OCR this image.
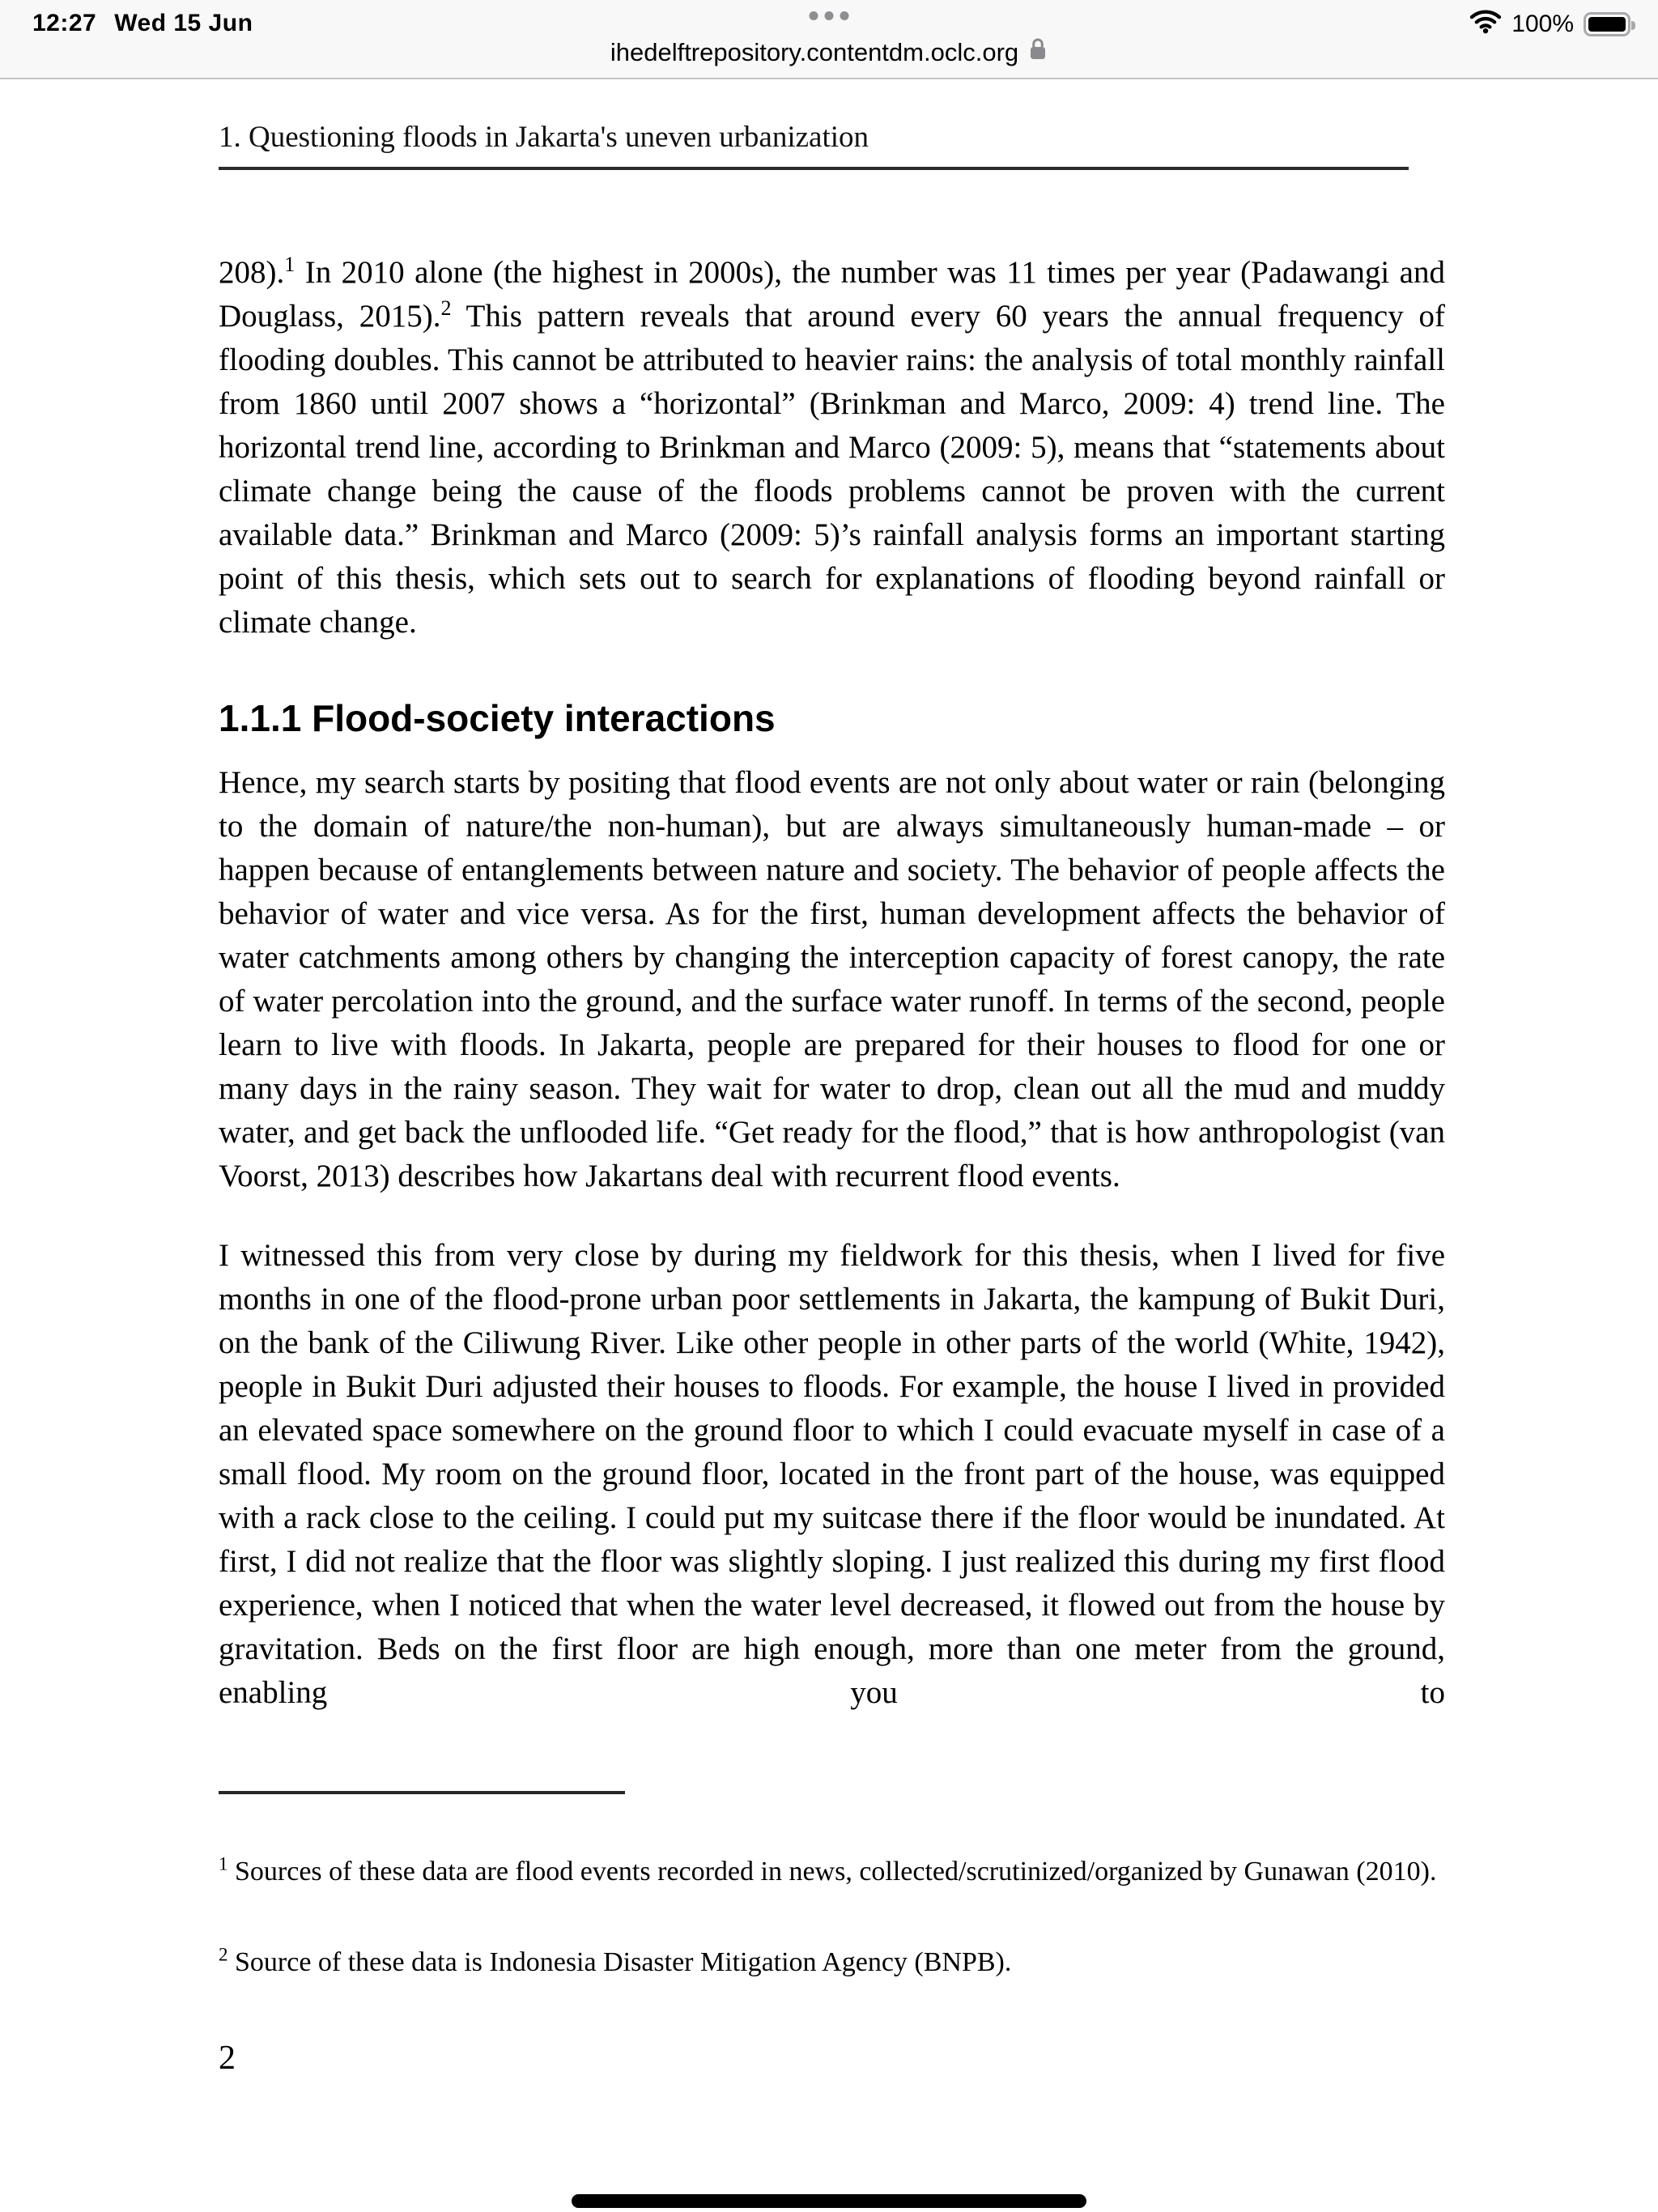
12:27 Wed 15 Jun	100%
ihedelftrepository.contentdm.oclc.org
1. Questioning floods in Jakarta's uneven urbanization

208).$^1$ In 2010 alone (the highest in 2000s), the number was 11 times per year (Padawangi and Douglass, 2015).$^2$ This pattern reveals that around every 60 years the annual frequency of flooding doubles. This cannot be attributed to heavier rains: the analysis of total monthly rainfall from 1860 until 2007 shows a “horizontal” (Brinkman and Marco, 2009: 4) trend line. The horizontal trend line, according to Brinkman and Marco (2009: 5), means that “statements about climate change being the cause of the floods problems cannot be proven with the current available data.” Brinkman and Marco (2009: 5)’s rainfall analysis forms an important starting point of this thesis, which sets out to search for explanations of flooding beyond rainfall or climate change.

1.1.1 Flood-society interactions

Hence, my search starts by positing that flood events are not only about water or rain (belonging to the domain of nature/the non-human), but are always simultaneously human-made – or happen because of entanglements between nature and society. The behavior of people affects the behavior of water and vice versa. As for the first, human development affects the behavior of water catchments among others by changing the interception capacity of forest canopy, the rate of water percolation into the ground, and the surface water runoff. In terms of the second, people learn to live with floods. In Jakarta, people are prepared for their houses to flood for one or many days in the rainy season. They wait for water to drop, clean out all the mud and muddy water, and get back the unflooded life. “Get ready for the flood,” that is how anthropologist (van Voorst, 2013) describes how Jakartans deal with recurrent flood events.

I witnessed this from very close by during my fieldwork for this thesis, when I lived for five months in one of the flood-prone urban poor settlements in Jakarta, the kampung of Bukit Duri, on the bank of the Ciliwung River. Like other people in other parts of the world (White, 1942), people in Bukit Duri adjusted their houses to floods. For example, the house I lived in provided an elevated space somewhere on the ground floor to which I could evacuate myself in case of a small flood. My room on the ground floor, located in the front part of the house, was equipped with a rack close to the ceiling. I could put my suitcase there if the floor would be inundated. At first, I did not realize that the floor was slightly sloping. I just realized this during my first flood experience, when I noticed that when the water level decreased, it flowed out from the house by gravitation. Beds on the first floor are high enough, more than one meter from the ground, enabling you to

$^1$ Sources of these data are flood events recorded in news, collected/scrutinized/organized by Gunawan (2010).

$^2$ Source of these data is Indonesia Disaster Mitigation Agency (BNPB).

2
